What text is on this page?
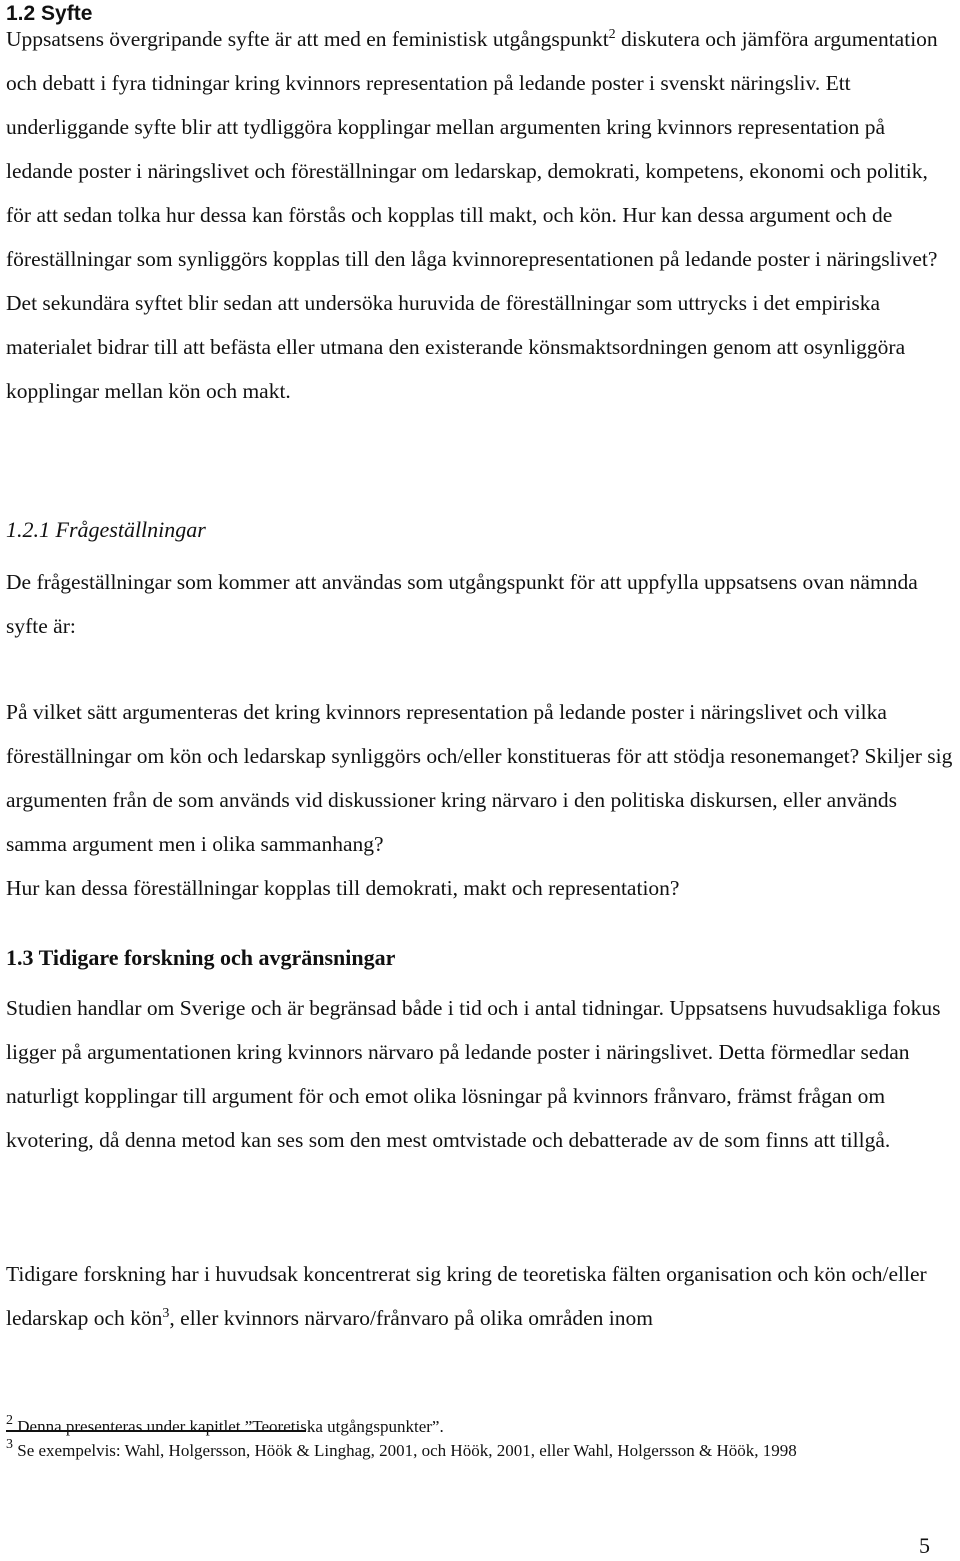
1.2 Syfte

Uppsatsens övergripande syfte är att med en feministisk utgångspunkt$^2$ diskutera och jämföra argumentation och debatt i fyra tidningar kring kvinnors representation på ledande poster i svenskt näringsliv. Ett underliggande syfte blir att tydliggöra kopplingar mellan argumenten kring kvinnors representation på ledande poster i näringslivet och föreställningar om ledarskap, demokrati, kompetens, ekonomi och politik, för att sedan tolka hur dessa kan förstås och kopplas till makt, och kön. Hur kan dessa argument och de föreställningar som synliggörs kopplas till den låga kvinnorepresentationen på ledande poster i näringslivet? Det sekundära syftet blir sedan att undersöka huruvida de föreställningar som uttrycks i det empiriska materialet bidrar till att befästa eller utmana den existerande könsmaktsordningen genom att osynliggöra kopplingar mellan kön och makt.

1.2.1 Frågeställningar

De frågeställningar som kommer att användas som utgångspunkt för att uppfylla uppsatsens ovan nämnda syfte är:

På vilket sätt argumenteras det kring kvinnors representation på ledande poster i näringslivet och vilka föreställningar om kön och ledarskap synliggörs och/eller konstitueras för att stödja resonemanget? Skiljer sig argumenten från de som används vid diskussioner kring närvaro i den politiska diskursen, eller används samma argument men i olika sammanhang?

Hur kan dessa föreställningar kopplas till demokrati, makt och representation?

1.3 Tidigare forskning och avgränsningar

Studien handlar om Sverige och är begränsad både i tid och i antal tidningar. Uppsatsens huvudsakliga fokus ligger på argumentationen kring kvinnors närvaro på ledande poster i näringslivet. Detta förmedlar sedan naturligt kopplingar till argument för och emot olika lösningar på kvinnors frånvaro, främst frågan om kvotering, då denna metod kan ses som den mest omtvistade och debatterade av de som finns att tillgå.

Tidigare forskning har i huvudsak koncentrerat sig kring de teoretiska fälten organisation och kön och/eller ledarskap och kön$^3$, eller kvinnors närvaro/frånvaro på olika områden inom

$^2$ Denna presenteras under kapitlet ”Teoretiska utgångspunkter”.

$^3$ Se exempelvis: Wahl, Holgersson, Höök & Linghag, 2001, och Höök, 2001, eller Wahl, Holgersson & Höök, 1998

5
